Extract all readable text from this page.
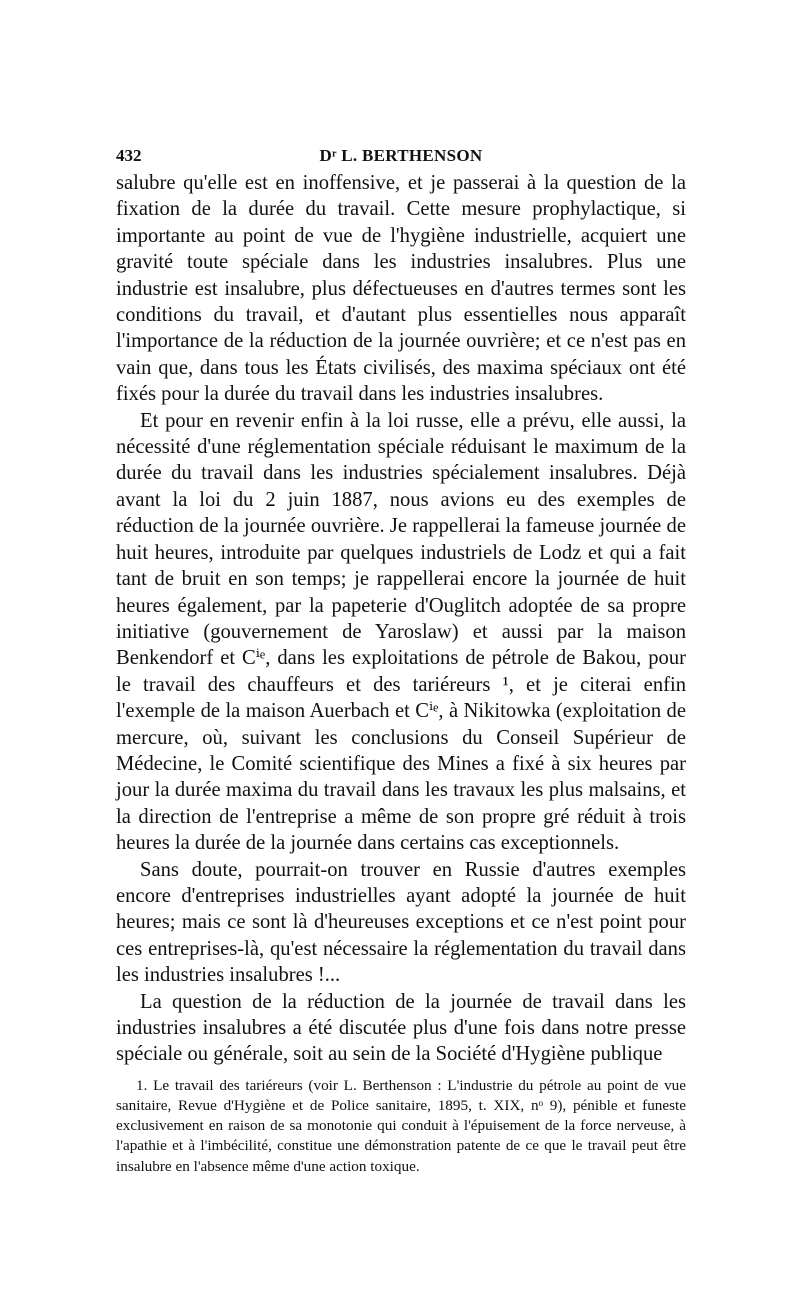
432	Dʳ L. BERTHENSON

salubre qu'elle est en inoffensive, et je passerai à la question de la fixation de la durée du travail. Cette mesure prophylactique, si importante au point de vue de l'hygiène industrielle, acquiert une gravité toute spéciale dans les industries insalubres. Plus une industrie est insalubre, plus défectueuses en d'autres termes sont les conditions du travail, et d'autant plus essentielles nous apparaît l'importance de la réduction de la journée ouvrière; et ce n'est pas en vain que, dans tous les États civilisés, des maxima spéciaux ont été fixés pour la durée du travail dans les industries insalubres.

Et pour en revenir enfin à la loi russe, elle a prévu, elle aussi, la nécessité d'une réglementation spéciale réduisant le maximum de la durée du travail dans les industries spécialement insalubres. Déjà avant la loi du 2 juin 1887, nous avions eu des exemples de réduction de la journée ouvrière. Je rappellerai la fameuse journée de huit heures, introduite par quelques industriels de Lodz et qui a fait tant de bruit en son temps; je rappellerai encore la journée de huit heures également, par la papeterie d'Ouglitch adoptée de sa propre initiative (gouvernement de Yaroslaw) et aussi par la maison Benkendorf et Cⁱᵉ, dans les exploitations de pétrole de Bakou, pour le travail des chauffeurs et des tariéreurs ¹, et je citerai enfin l'exemple de la maison Auerbach et Cⁱᵉ, à Nikitowka (exploitation de mercure, où, suivant les conclusions du Conseil Supérieur de Médecine, le Comité scientifique des Mines a fixé à six heures par jour la durée maxima du travail dans les travaux les plus malsains, et la direction de l'entreprise a même de son propre gré réduit à trois heures la durée de la journée dans certains cas exceptionnels.

Sans doute, pourrait-on trouver en Russie d'autres exemples encore d'entreprises industrielles ayant adopté la journée de huit heures; mais ce sont là d'heureuses exceptions et ce n'est point pour ces entreprises-là, qu'est nécessaire la réglementation du travail dans les industries insalubres !...

La question de la réduction de la journée de travail dans les industries insalubres a été discutée plus d'une fois dans notre presse spéciale ou générale, soit au sein de la Société d'Hygiène publique

1. Le travail des tariéreurs (voir L. Berthenson : L'industrie du pétrole au point de vue sanitaire, Revue d'Hygiène et de Police sanitaire, 1895, t. XIX, nᵒ 9), pénible et funeste exclusivement en raison de sa monotonie qui conduit à l'épuisement de la force nerveuse, à l'apathie et à l'imbécilité, constitue une démonstration patente de ce que le travail peut être insalubre en l'absence même d'une action toxique.
